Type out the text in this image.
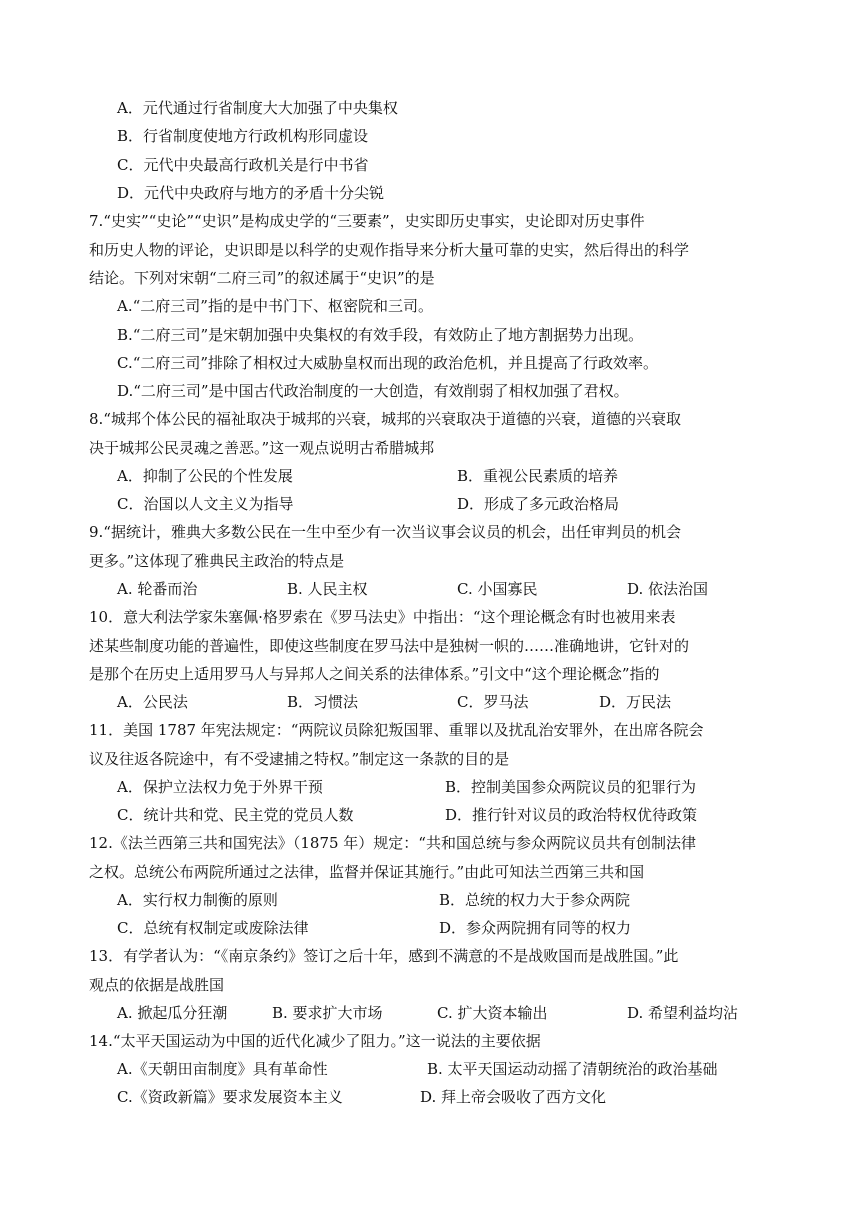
A．元代通过行省制度大大加强了中央集权
B．行省制度使地方行政机构形同虚设
C．元代中央最高行政机关是行中书省
D．元代中央政府与地方的矛盾十分尖锐
7.“史实”“史论”“史识”是构成史学的“三要素”，史实即历史事实，史论即对历史事件
和历史人物的评论，史识即是以科学的史观作指导来分析大量可靠的史实，然后得出的科学
结论。下列对宋朝“二府三司”的叙述属于“史识”的是
A.“二府三司”指的是中书门下、枢密院和三司。
B.“二府三司”是宋朝加强中央集权的有效手段，有效防止了地方割据势力出现。
C.“二府三司”排除了相权过大威胁皇权而出现的政治危机，并且提高了行政效率。
D.“二府三司”是中国古代政治制度的一大创造，有效削弱了相权加强了君权。
8.“城邦个体公民的福祉取决于城邦的兴衰，城邦的兴衰取决于道德的兴衰，道德的兴衰取
决于城邦公民灵魂之善恶。”这一观点说明古希腊城邦
A．抑制了公民的个性发展	B．重视公民素质的培养
C．治国以人文主义为指导	D．形成了多元政治格局
9.“据统计，雅典大多数公民在一生中至少有一次当议事会议员的机会，出任审判员的机会
更多。”这体现了雅典民主政治的特点是
A. 轮番而治	B. 人民主权	C. 小国寡民	D. 依法治国
10．意大利法学家朱塞佩·格罗索在《罗马法史》中指出：“这个理论概念有时也被用来表
述某些制度功能的普遍性，即使这些制度在罗马法中是独树一帜的……准确地讲，它针对的
是那个在历史上适用罗马人与异邦人之间关系的法律体系。”引文中“这个理论概念”指的
A．公民法	B．习惯法	C．罗马法	D．万民法
11．美国 1787 年宪法规定：“两院议员除犯叛国罪、重罪以及扰乱治安罪外，在出席各院会
议及往返各院途中，有不受逮捕之特权。”制定这一条款的目的是
A．保护立法权力免于外界干预	B．控制美国参众两院议员的犯罪行为
C．统计共和党、民主党的党员人数	D．推行针对议员的政治特权优待政策
12.《法兰西第三共和国宪法》（1875 年）规定：“共和国总统与参众两院议员共有创制法律
之权。总统公布两院所通过之法律，监督并保证其施行。”由此可知法兰西第三共和国
A．实行权力制衡的原则	B．总统的权力大于参众两院
C．总统有权制定或废除法律	D．参众两院拥有同等的权力
13．有学者认为：“《南京条约》签订之后十年，感到不满意的不是战败国而是战胜国。”此
观点的依据是战胜国
A. 掀起瓜分狂潮	B. 要求扩大市场	C. 扩大资本输出	D. 希望利益均沾
14.“太平天国运动为中国的近代化减少了阻力。”这一说法的主要依据
A.《天朝田亩制度》具有革命性	B. 太平天国运动动摇了清朝统治的政治基础
C.《资政新篇》要求发展资本主义	D. 拜上帝会吸收了西方文化
